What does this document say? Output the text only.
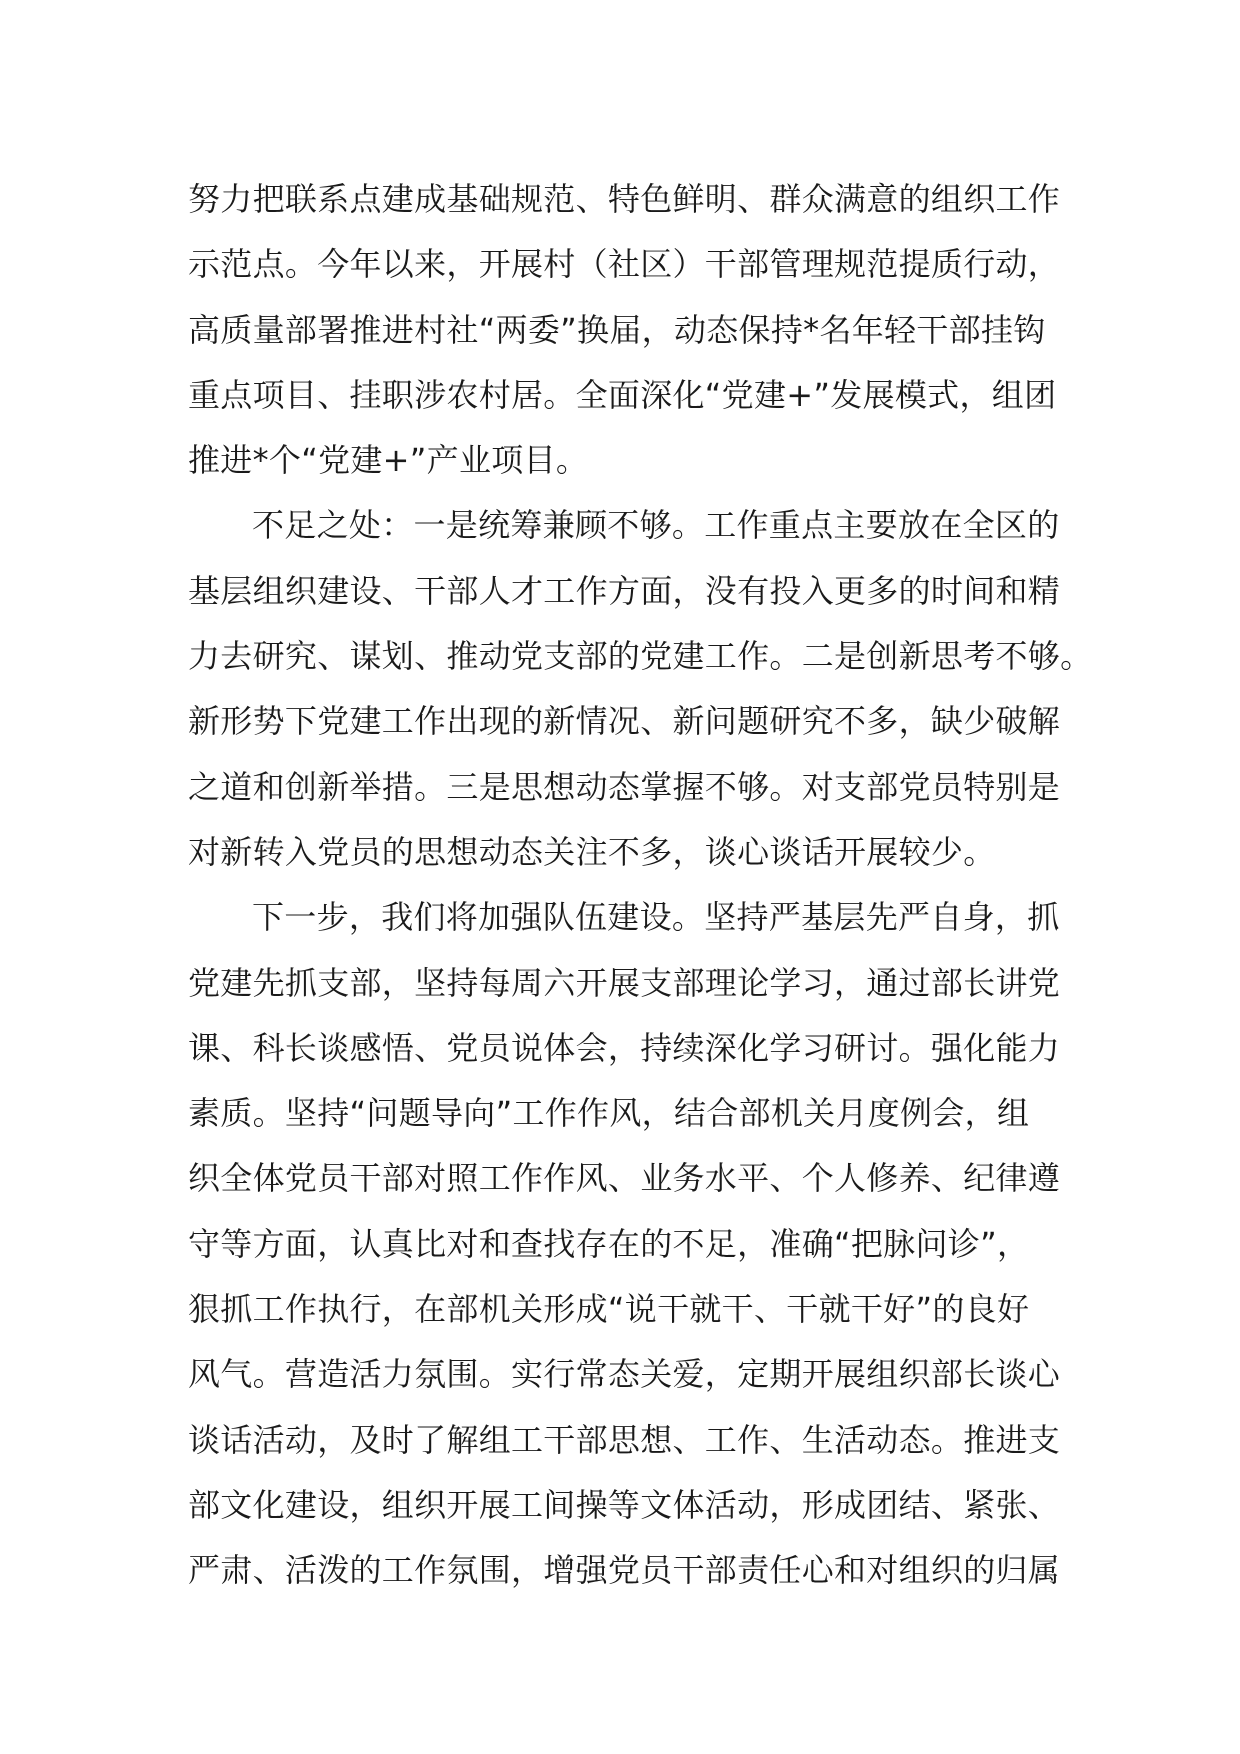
努力把联系点建成基础规范、特色鲜明、群众满意的组织工作
示范点。今年以来，开展村（社区）干部管理规范提质行动，
高质量部署推进村社“两委”换届，动态保持*名年轻干部挂钩
重点项目、挂职涉农村居。全面深化“党建+”发展模式，组团
推进*个“党建+”产业项目。
不足之处：一是统筹兼顾不够。工作重点主要放在全区的
基层组织建设、干部人才工作方面，没有投入更多的时间和精
力去研究、谋划、推动党支部的党建工作。二是创新思考不够。
新形势下党建工作出现的新情况、新问题研究不多，缺少破解
之道和创新举措。三是思想动态掌握不够。对支部党员特别是
对新转入党员的思想动态关注不多，谈心谈话开展较少。
下一步，我们将加强队伍建设。坚持严基层先严自身，抓
党建先抓支部，坚持每周六开展支部理论学习，通过部长讲党
课、科长谈感悟、党员说体会，持续深化学习研讨。强化能力
素质。坚持“问题导向”工作作风，结合部机关月度例会，组
织全体党员干部对照工作作风、业务水平、个人修养、纪律遵
守等方面，认真比对和查找存在的不足，准确“把脉问诊”，
狠抓工作执行，在部机关形成“说干就干、干就干好”的良好
风气。营造活力氛围。实行常态关爱，定期开展组织部长谈心
谈话活动，及时了解组工干部思想、工作、生活动态。推进支
部文化建设，组织开展工间操等文体活动，形成团结、紧张、
严肃、活泼的工作氛围，增强党员干部责任心和对组织的归属
